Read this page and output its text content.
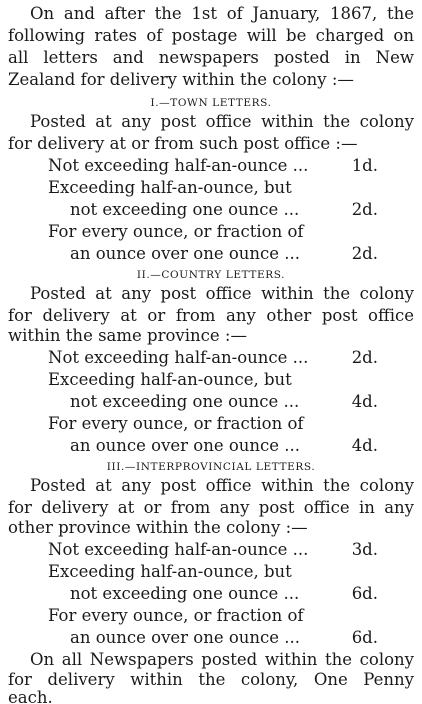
On and after the 1st of January, 1867, the
following rates of postage will be charged on
all letters and newspapers posted in New
Zealand for delivery within the colony :—
I.—TOWN LETTERS.
Posted at any post office within the colony
for delivery at or from such post office :—
Not exceeding half-an-ounce ...	1d.
Exceeding half-an-ounce, but
not exceeding one ounce ...	2d.
For every ounce, or fraction of
an ounce over one ounce ...	2d.
II.—COUNTRY LETTERS.
Posted at any post office within the colony
for delivery at or from any other post office
within the same province :—
Not exceeding half-an-ounce ...	2d.
Exceeding half-an-ounce, but
not exceeding one ounce ...	4d.
For every ounce, or fraction of
an ounce over one ounce ...	4d.
III.—INTERPROVINCIAL LETTERS.
Posted at any post office within the colony
for delivery at or from any post office in any
other province within the colony :—
Not exceeding half-an-ounce ...	3d.
Exceeding half-an-ounce, but
not exceeding one ounce ...	6d.
For every ounce, or fraction of
an ounce over one ounce ...	6d.
On all Newspapers posted within the colony
for delivery within the colony, One Penny
each.
